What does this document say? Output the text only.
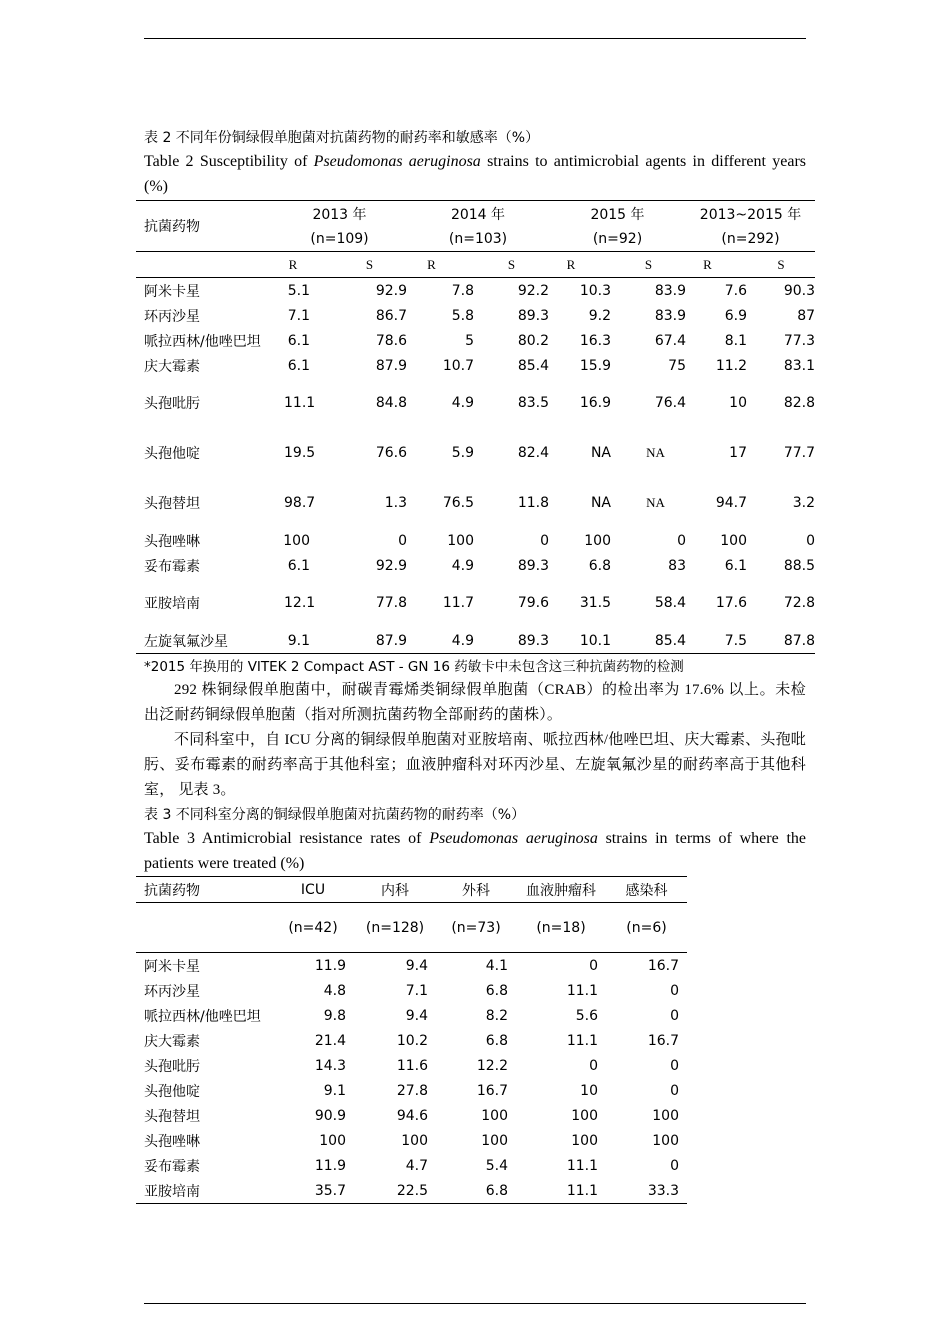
表 2 不同年份铜绿假单胞菌对抗菌药物的耐药率和敏感率（%）
Table 2 Susceptibility of Pseudomonas aeruginosa strains to antimicrobial agents in different years (%)
抗菌药物	2013 年		2014 年		2015 年		2013~2015 年	
	(n=109)		(n=103)		(n=92)		(n=292)	
	R	S	R	S	R	S	R	S
阿米卡星	5.1	92.9	7.8	92.2	10.3	83.9	7.6	90.3
环丙沙星	7.1	86.7	5.8	89.3	9.2	83.9	6.9	87
哌拉西林/他唑巴坦	6.1	78.6	5	80.2	16.3	67.4	8.1	77.3
庆大霉素	6.1	87.9	10.7	85.4	15.9	75	11.2	83.1
头孢吡肟	11.1	84.8	4.9	83.5	16.9	76.4	10	82.8
头孢他啶	19.5	76.6	5.9	82.4	NA	NA	17	77.7
头孢替坦	98.7	1.3	76.5	11.8	NA	NA	94.7	3.2
头孢唑啉	100	0	100	0	100	0	100	0
妥布霉素	6.1	92.9	4.9	89.3	6.8	83	6.1	88.5
亚胺培南	12.1	77.8	11.7	79.6	31.5	58.4	17.6	72.8
左旋氧氟沙星	9.1	87.9	4.9	89.3	10.1	85.4	7.5	87.8
*2015 年换用的 VITEK 2 Compact AST - GN 16 药敏卡中未包含这三种抗菌药物的检测
292 株铜绿假单胞菌中，耐碳青霉烯类铜绿假单胞菌（CRAB）的检出率为 17.6% 以上。未检出泛耐药铜绿假单胞菌（指对所测抗菌药物全部耐药的菌株）。
不同科室中，自 ICU 分离的铜绿假单胞菌对亚胺培南、哌拉西林/他唑巴坦、庆大霉素、头孢吡肟、妥布霉素的耐药率高于其他科室；血液肿瘤科对环丙沙星、左旋氧氟沙星的耐药率高于其他科室， 见表 3。
表 3 不同科室分离的铜绿假单胞菌对抗菌药物的耐药率（%）
Table 3 Antimicrobial resistance rates of Pseudomonas aeruginosa strains in terms of where the patients were treated (%)
抗菌药物	ICU	内科	外科	血液肿瘤科	感染科
	(n=42)	(n=128)	(n=73)	(n=18)	(n=6)
阿米卡星	11.9	9.4	4.1	0	16.7
环丙沙星	4.8	7.1	6.8	11.1	0
哌拉西林/他唑巴坦	9.8	9.4	8.2	5.6	0
庆大霉素	21.4	10.2	6.8	11.1	16.7
头孢吡肟	14.3	11.6	12.2	0	0
头孢他啶	9.1	27.8	16.7	10	0
头孢替坦	90.9	94.6	100	100	100
头孢唑啉	100	100	100	100	100
妥布霉素	11.9	4.7	5.4	11.1	0
亚胺培南	35.7	22.5	6.8	11.1	33.3
